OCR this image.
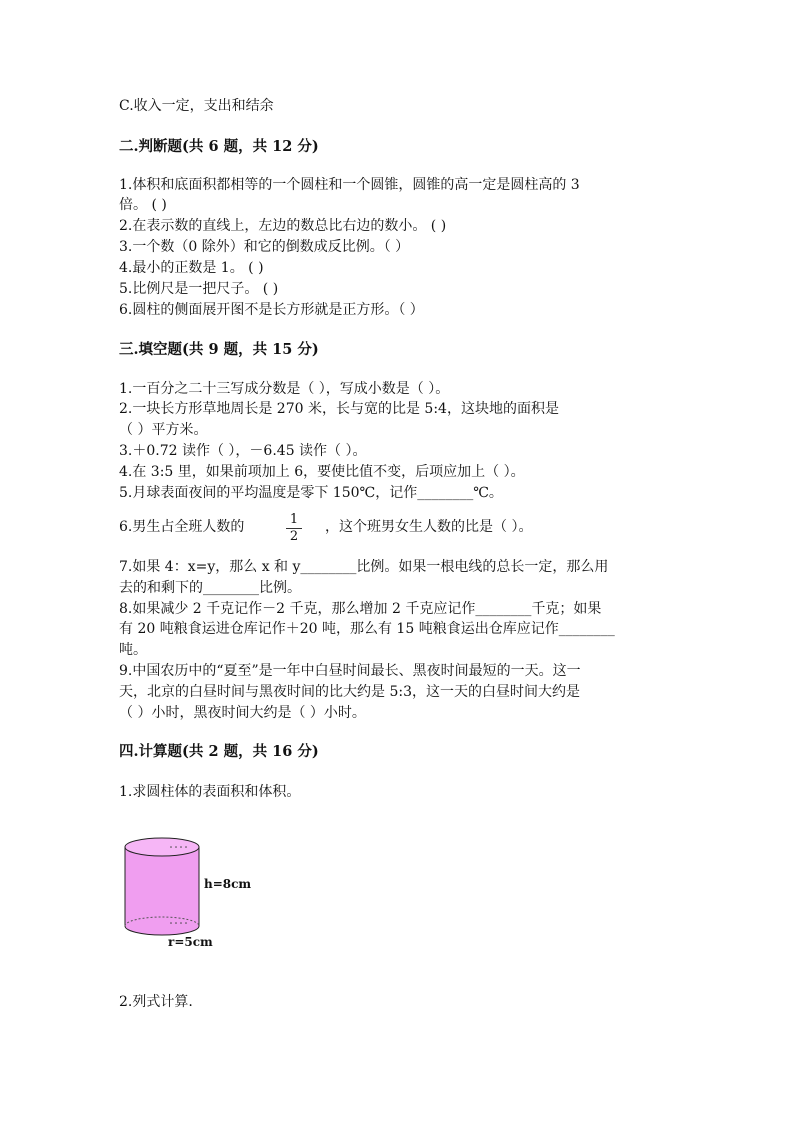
C.收入一定，支出和结余
二.判断题(共 6 题，共 12 分)
1.体积和底面积都相等的一个圆柱和一个圆锥，圆锥的高一定是圆柱高的 3
倍。 ( )
2.在表示数的直线上，左边的数总比右边的数小。 ( )
3.一个数（0 除外）和它的倒数成反比例。（ ）
4.最小的正数是 1。 ( )
5.比例尺是一把尺子。 ( )
6.圆柱的侧面展开图不是长方形就是正方形。（ ）
三.填空题(共 9 题，共 15 分)
1.一百分之二十三写成分数是（ ），写成小数是（ ）。
2.一块长方形草地周长是 270 米，长与宽的比是 5:4，这块地的面积是
（ ）平方米。
3.＋0.72 读作（ ），－6.45 读作（ ）。
4.在 3:5 里，如果前项加上 6，要使比值不变，后项应加上（ ）。
5.月球表面夜间的平均温度是零下 150℃，记作________℃。
6.男生占全班人数的	$\frac{1}{2}$ ，这个班男女生人数的比是（ ）。
7.如果 4：x=y，那么 x 和 y________比例。如果一根电线的总长一定，那么用
去的和剩下的________比例。
8.如果减少 2 千克记作－2 千克，那么增加 2 千克应记作________千克；如果
有 20 吨粮食运进仓库记作＋20 吨，那么有 15 吨粮食运出仓库应记作________
吨。
9.中国农历中的“夏至”是一年中白昼时间最长、黑夜时间最短的一天。这一
天，北京的白昼时间与黑夜时间的比大约是 5:3，这一天的白昼时间大约是
（ ）小时，黑夜时间大约是（ ）小时。
四.计算题(共 2 题，共 16 分)
1.求圆柱体的表面积和体积。
h=8cm
r=5cm
2.列式计算.
